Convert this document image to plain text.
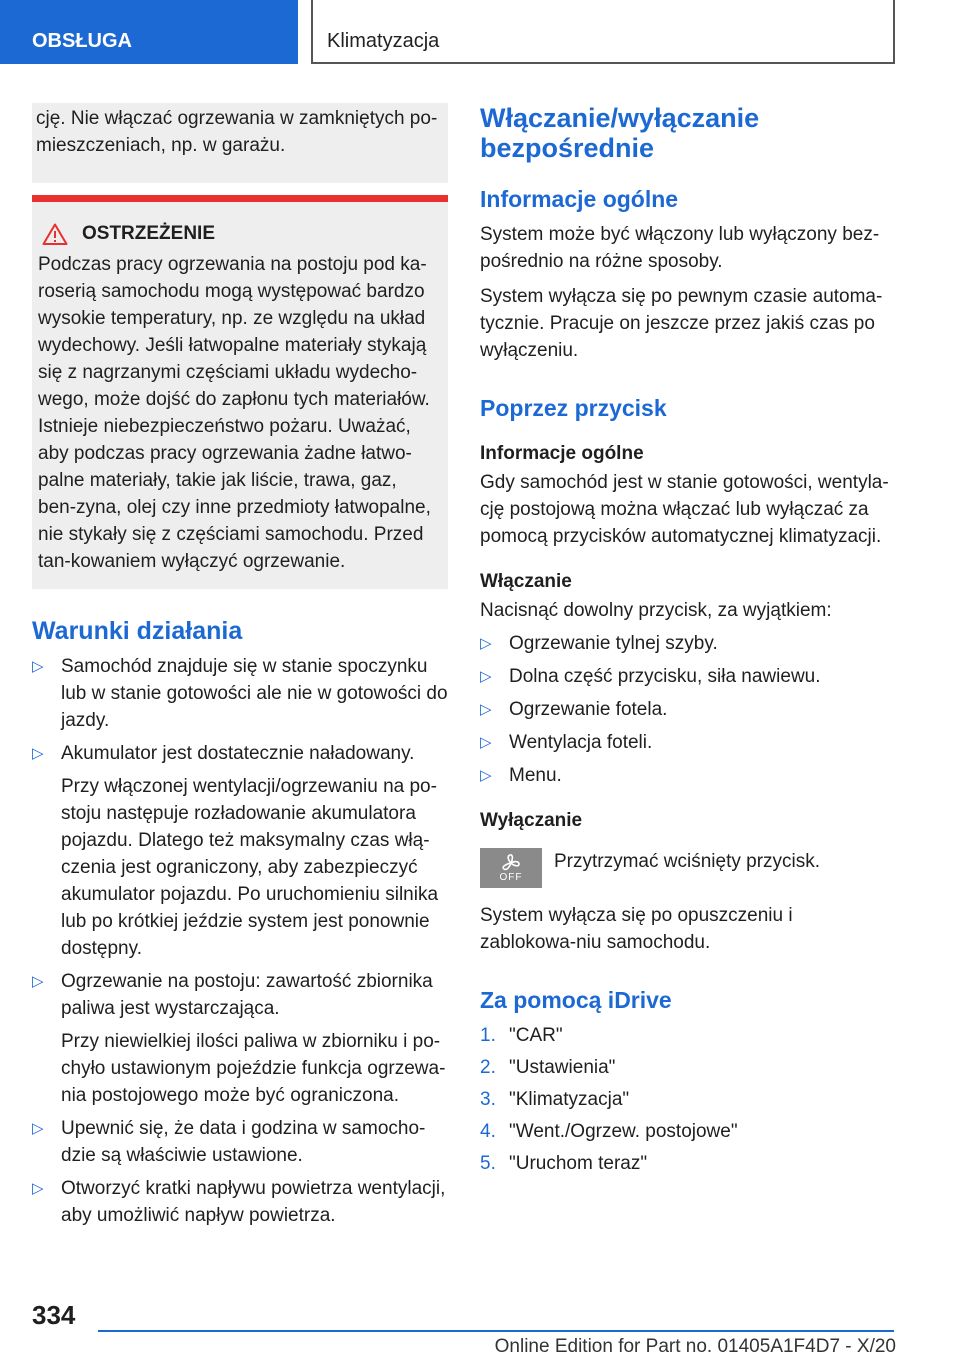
OBSŁUGA	Klimatyzacja

cję. Nie włączać ogrzewania w zamkniętych po-mieszczeniach, np. w garażu.

OSTRZEŻENIE

Podczas pracy ogrzewania na postoju pod ka-roserią samochodu mogą występować bardzo wysokie temperatury, np. ze względu na układ wydechowy. Jeśli łatwopalne materiały stykają się z nagrzanymi częściami układu wydecho-wego, może dojść do zapłonu tych materiałów. Istnieje niebezpieczeństwo pożaru. Uważać, aby podczas pracy ogrzewania żadne łatwo-palne materiały, takie jak liście, trawa, gaz, ben-zyna, olej czy inne przedmioty łatwopalne, nie stykały się z częściami samochodu. Przed tan-kowaniem wyłączyć ogrzewanie.

Warunki działania
▷ Samochód znajduje się w stanie spoczynku lub w stanie gotowości ale nie w gotowości do jazdy.
▷ Akumulator jest dostatecznie naładowany.
Przy włączonej wentylacji/ogrzewaniu na po-stoju następuje rozładowanie akumulatora pojazdu. Dlatego też maksymalny czas włą-czenia jest ograniczony, aby zabezpieczyć akumulator pojazdu. Po uruchomieniu silnika lub po krótkiej jeździe system jest ponownie dostępny.
▷ Ogrzewanie na postoju: zawartość zbiornika paliwa jest wystarczająca.
Przy niewielkiej ilości paliwa w zbiorniku i po-chyło ustawionym pojeździe funkcja ogrzewa-nia postojowego może być ograniczona.
▷ Upewnić się, że data i godzina w samocho-dzie są właściwie ustawione.
▷ Otworzyć kratki napływu powietrza wentylacji, aby umożliwić napływ powietrza.
Włączanie/wyłączanie bezpośrednie
Informacje ogólne

System może być włączony lub wyłączony bez-pośrednio na różne sposoby.

System wyłącza się po pewnym czasie automa-tycznie. Pracuje on jeszcze przez jakiś czas po wyłączeniu.

Poprzez przycisk
Informacje ogólne

Gdy samochód jest w stanie gotowości, wentyla-cję postojową można włączać lub wyłączać za pomocą przycisków automatycznej klimatyzacji.

Włączanie

Nacisnąć dowolny przycisk, za wyjątkiem:

▷ Ogrzewanie tylnej szyby.
▷ Dolna część przycisku, siła nawiewu.
▷ Ogrzewanie fotela.
▷ Wentylacja foteli.
▷ Menu.
Wyłączanie
OFF
Przytrzymać wciśnięty przycisk.

System wyłącza się po opuszczeniu i zablokowa-niu samochodu.

Za pomocą iDrive
1. "CAR"
2. "Ustawienia"
3. "Klimatyzacja"
4. "Went./Ogrzew. postojowe"
5. "Uruchom teraz"
334
Online Edition for Part no. 01405A1F4D7 - X/20
